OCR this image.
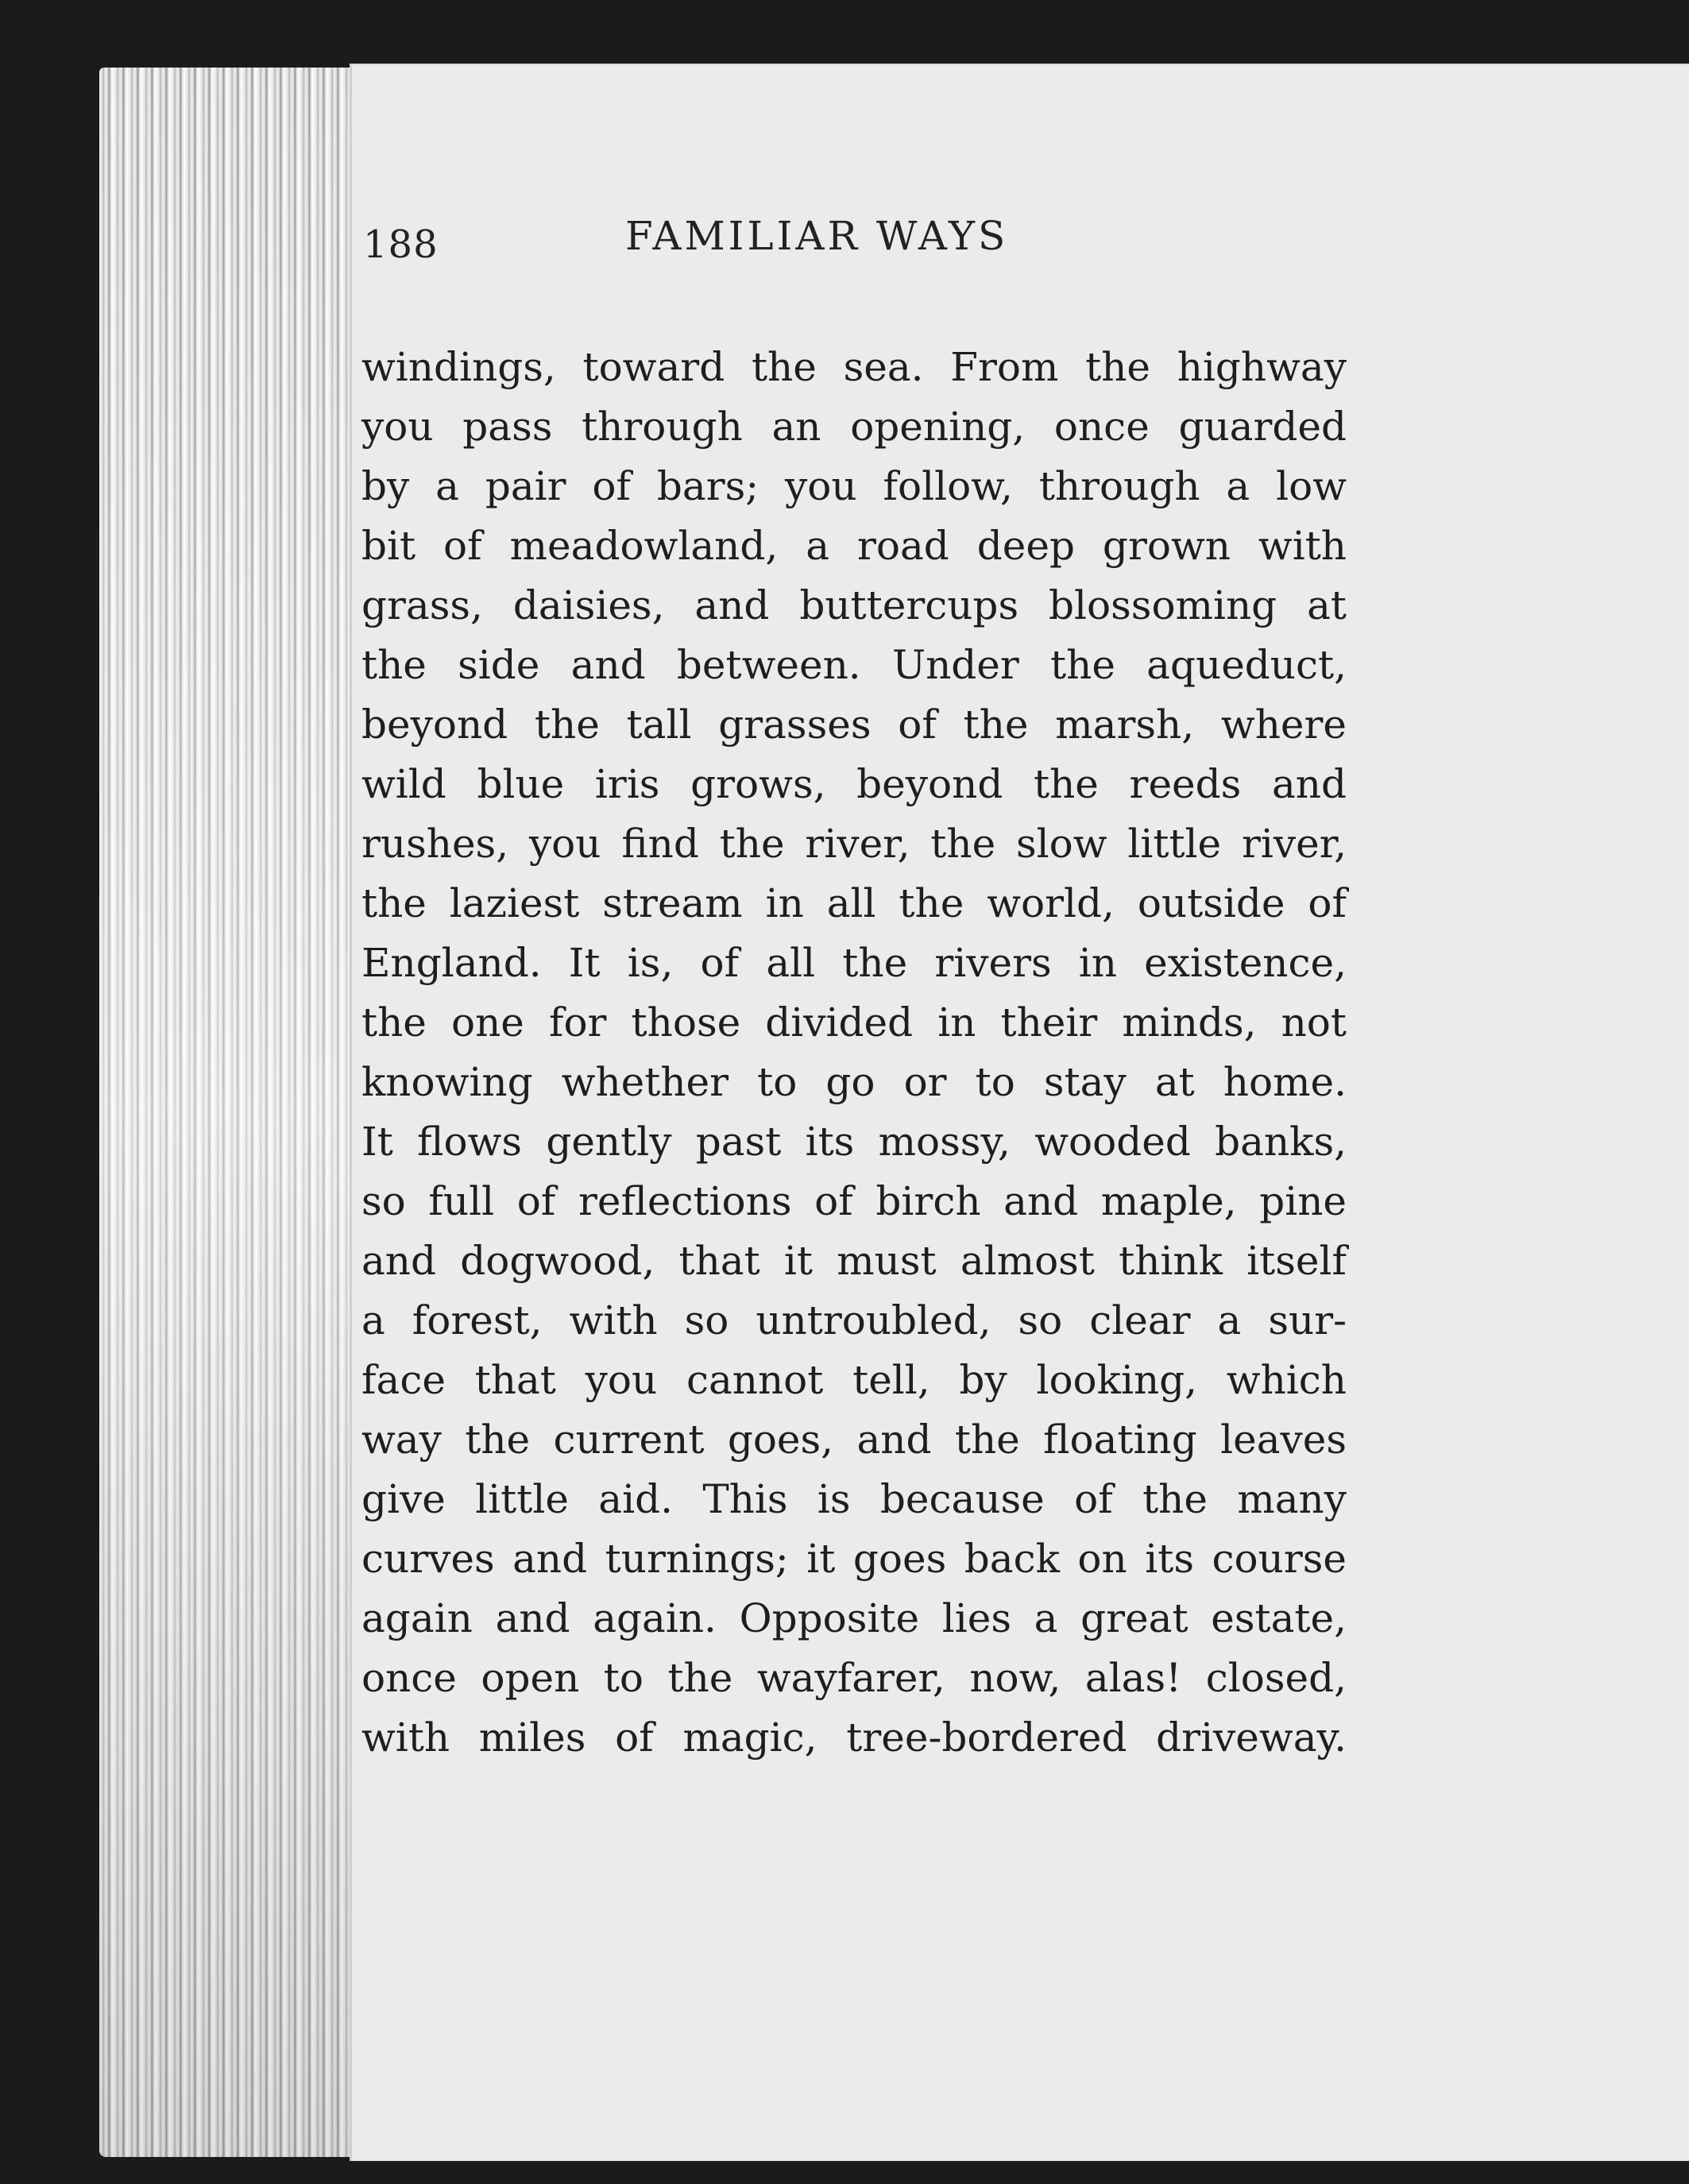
188	FAMILIAR WAYS
windings, toward the sea. From the highway
you pass through an opening, once guarded
by a pair of bars; you follow, through a low
bit of meadowland, a road deep grown with
grass, daisies, and buttercups blossoming at
the side and between. Under the aqueduct,
beyond the tall grasses of the marsh, where
wild blue iris grows, beyond the reeds and
rushes, you find the river, the slow little river,
the laziest stream in all the world, outside of
England. It is, of all the rivers in existence,
the one for those divided in their minds, not
knowing whether to go or to stay at home.
It flows gently past its mossy, wooded banks,
so full of reflections of birch and maple, pine
and dogwood, that it must almost think itself
a forest, with so untroubled, so clear a sur-
face that you cannot tell, by looking, which
way the current goes, and the floating leaves
give little aid. This is because of the many
curves and turnings; it goes back on its course
again and again. Opposite lies a great estate,
once open to the wayfarer, now, alas! closed,
with miles of magic, tree-bordered driveway.
